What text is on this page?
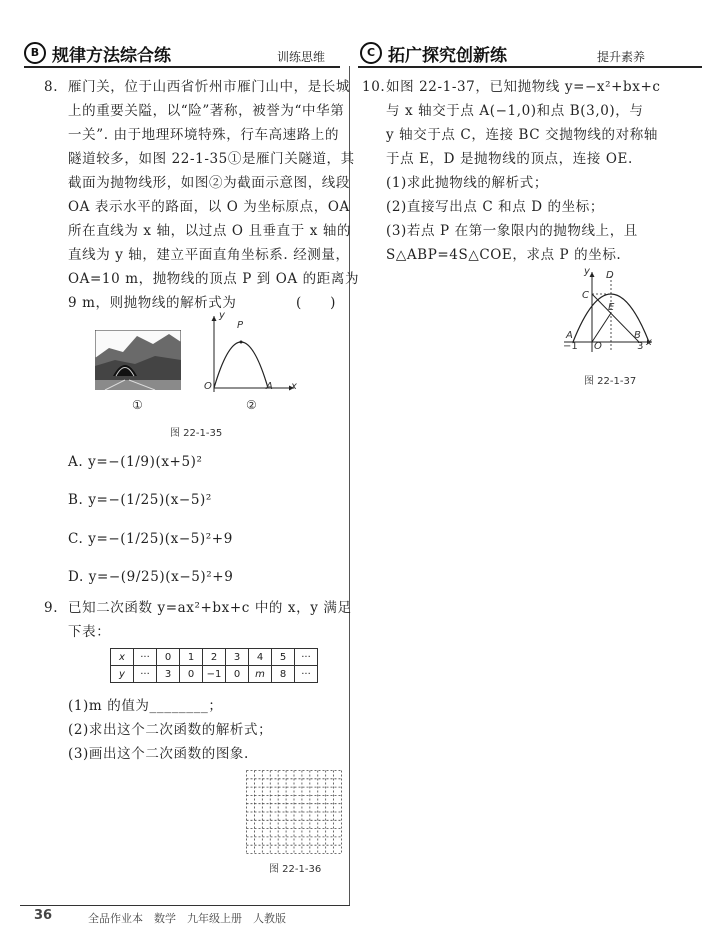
B 规律方法综合练	训练思维	C 拓广探究创新练	提升素养
8. 雁门关，位于山西省忻州市雁门山中，是长城
上的重要关隘，以“险”著称，被誉为“中华第
一关”. 由于地理环境特殊，行车高速路上的
隧道较多，如图 22-1-35①是雁门关隧道，其
截面为抛物线形，如图②为截面示意图，线段
OA 表示水平的路面，以 O 为坐标原点，OA
所在直线为 x 轴，以过点 O 且垂直于 x 轴的
直线为 y 轴，建立平面直角坐标系. 经测量，
OA=10 m，抛物线的顶点 P 到 OA 的距离为
9 m，则抛物线的解析式为	(　　)
①
y
P
O	A x
②
图 22-1-35
A. y=−(1/9)(x+5)²
B. y=−(1/25)(x−5)²
C. y=−(1/25)(x−5)²+9
D. y=−(9/25)(x−5)²+9
9. 已知二次函数 y=ax²+bx+c 中的 x，y 满足
下表：
x	···	0	1	2	3	4	5	···
y	···	3	0	−1	0	m	8	···
(1)m 的值为________；
(2)求出这个二次函数的解析式；
(3)画出这个二次函数的图象.
图 22-1-36
10. 如图 22-1-37，已知抛物线 y=−x²+bx+c
与 x 轴交于点 A(−1,0)和点 B(3,0)，与
y 轴交于点 C，连接 BC 交抛物线的对称轴
于点 E，D 是抛物线的顶点，连接 OE.
(1)求此抛物线的解析式；
(2)直接写出点 C 和点 D 的坐标；
(3)若点 P 在第一象限内的抛物线上，且
S△ABP=4S△COE，求点 P 的坐标.
y D
C
E
A	B
−1 O	3 x
图 22-1-37
36	全品作业本　数学　九年级上册　人教版
